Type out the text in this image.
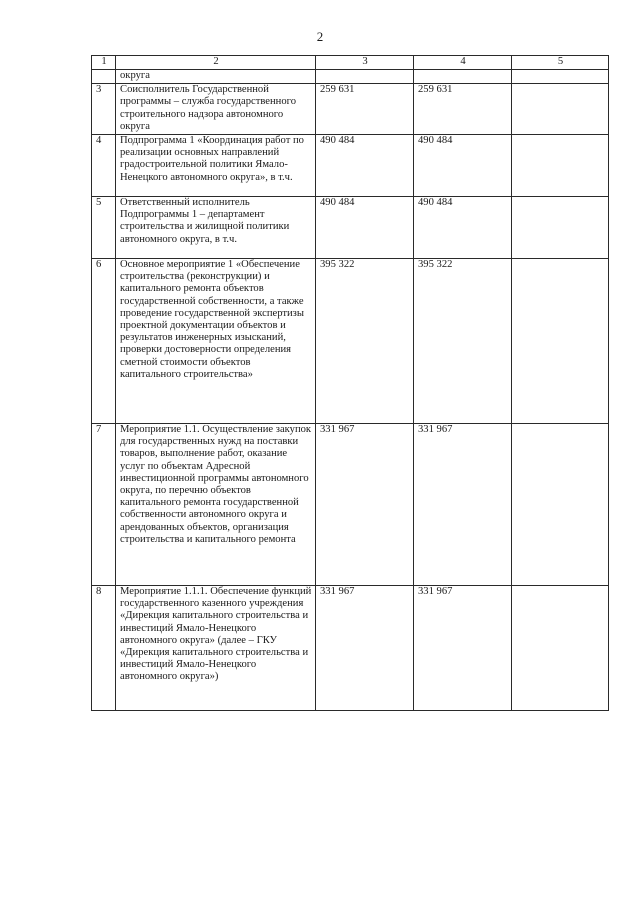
2
1	2	3	4	5
	округа			
3	Соисполнитель Государственной программы – служба государственного строительного надзора автономного округа	259 631	259 631	
4	Подпрограмма 1 «Координация работ по реализации основных направлений градостроительной политики Ямало-Ненецкого автономного округа», в т.ч.	490 484	490 484	
5	Ответственный исполнитель Подпрограммы 1 – департамент строительства и жилищной политики автономного округа, в т.ч.	490 484	490 484	
6	Основное мероприятие 1 «Обеспечение строительства (реконструкции) и капитального ремонта объектов государственной собственности, а также проведение государственной экспертизы проектной документации объектов и результатов инженерных изысканий, проверки достоверности определения сметной стоимости объектов капитального строительства»	395 322	395 322	
7	Мероприятие 1.1. Осуществление закупок для государственных нужд на поставки товаров, выполнение работ, оказание услуг по объектам Адресной инвестиционной программы автономного округа, по перечню объектов капитального ремонта государственной собственности автономного округа и арендованных объектов, организация строительства и капитального ремонта	331 967	331 967	
8	Мероприятие 1.1.1. Обеспечение функций государственного казенного учреждения «Дирекция капитального строительства и инвестиций Ямало-Ненецкого автономного округа» (далее – ГКУ «Дирекция капитального строительства и инвестиций Ямало-Ненецкого автономного округа»)	331 967	331 967	
